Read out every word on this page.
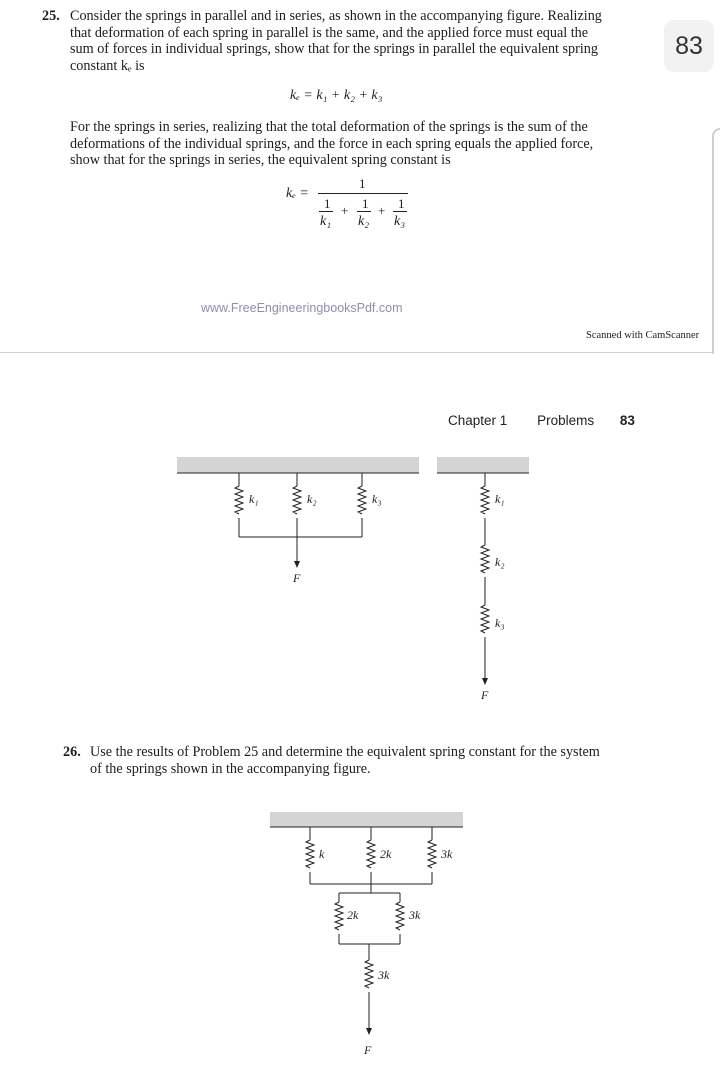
25. Consider the springs in parallel and in series, as shown in the accompanying figure. Realizing
that deformation of each spring in parallel is the same, and the applied force must equal the
sum of forces in individual springs, show that for the springs in parallel the equivalent spring
constant kₑ is
83
kₑ = k₁ + k₂ + k₃
For the springs in series, realizing that the total deformation of the springs is the sum of the
deformations of the individual springs, and the force in each spring equals the applied force,
show that for the springs in series, the equivalent spring constant is
kₑ =
1
1 + 1 + 1
k₁ k₂ k₃
www.FreeEngineeringbooksPdf.com
Scanned with CamScanner
Chapter 1 Problems 83
k₁	k₂	k₃
F
k₁
k₂
k₃
F
k	2k	3k
2k	3k
3k
F
26. Use the results of Problem 25 and determine the equivalent spring constant for the system
of the springs shown in the accompanying figure.
